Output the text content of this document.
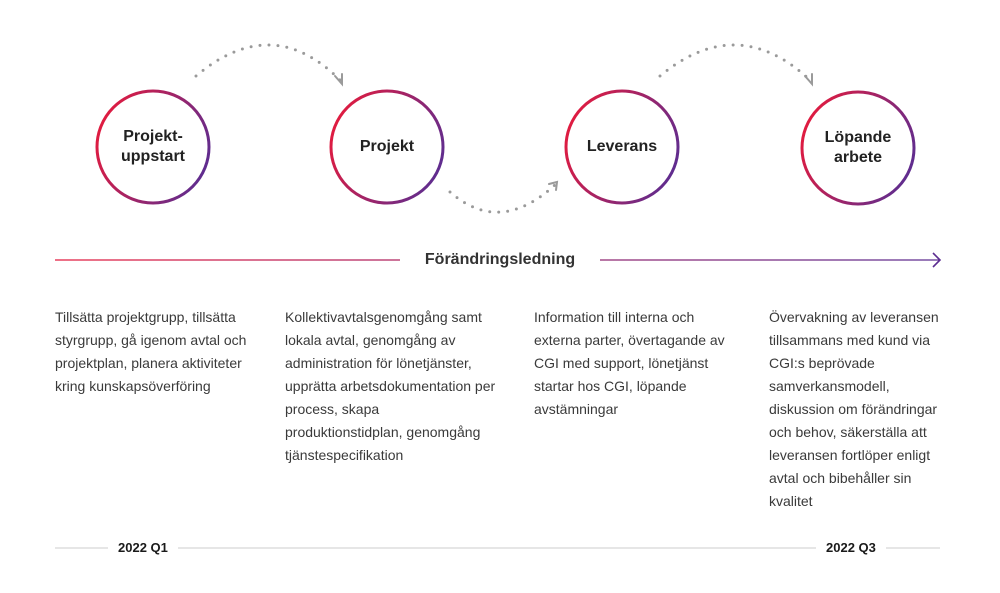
Projekt-
uppstart
Projekt	Leverans
Löpande
arbete
Förändringsledning
Tillsätta projektgrupp, tillsätta styrgrupp, gå igenom avtal och projektplan, planera aktiviteter kring kunskapsöverföring
Kollektivavtalsgenomgång samt lokala avtal, genomgång av administration för lönetjänster, upprätta arbetsdokumentation per process, skapa produktionstidplan, genomgång tjänstespecifikation
Information till interna och externa parter, övertagande av CGI med support, lönetjänst startar hos CGI, löpande avstämningar
Övervakning av leveransen tillsammans med kund via CGI:s beprövade samverkansmodell, diskussion om förändringar och behov, säkerställa att leveransen fortlöper enligt avtal och bibehåller sin kvalitet
2022 Q1	2022 Q3
